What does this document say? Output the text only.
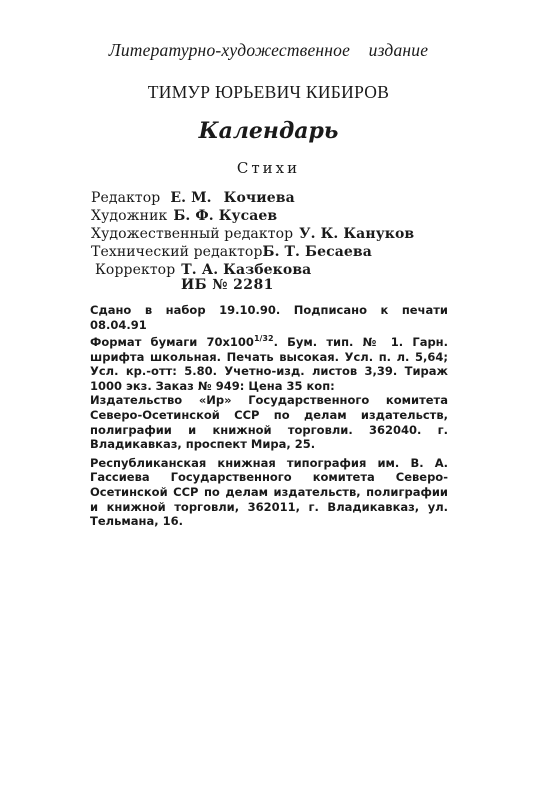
Литературно-художественное издание
ТИМУР ЮРЬЕВИЧ КИБИРОВ
Календарь
Стихи
Редактор Е. М. Кочиева
Художник Б. Ф. Кусаев
Художественный редактор У. К. Кануков
Технический редакторБ. Т. Бесаева
Корректор Т. А. Казбекова
ИБ № 2281

Сдано в набор 19.10.90. Подписано к печати 08.04.91

Формат бумаги $70х100^{1/32}$. Бум. тип. № 1. Гарн. шрифта школьная. Печать высокая. Усл. п. л. 5,64; Усл. кр.-отт: 5.80. Учетно-изд. листов 3,39. Тираж 1000 экз. Заказ № 949: Цена 35 коп:

Издательство «Ир» Государственного комитета Северо-Осетинской ССР по делам издательств, полиграфии и книжной торговли. 362040. г. Владикавказ, проспект Мира, 25.

Республиканская книжная типография им. В. А. Гассиева Государственного комитета Северо-Осетинской ССР по делам издательств, полиграфии и книжной торговли, 362011, г. Владикавказ, ул. Тельмана, 16.
